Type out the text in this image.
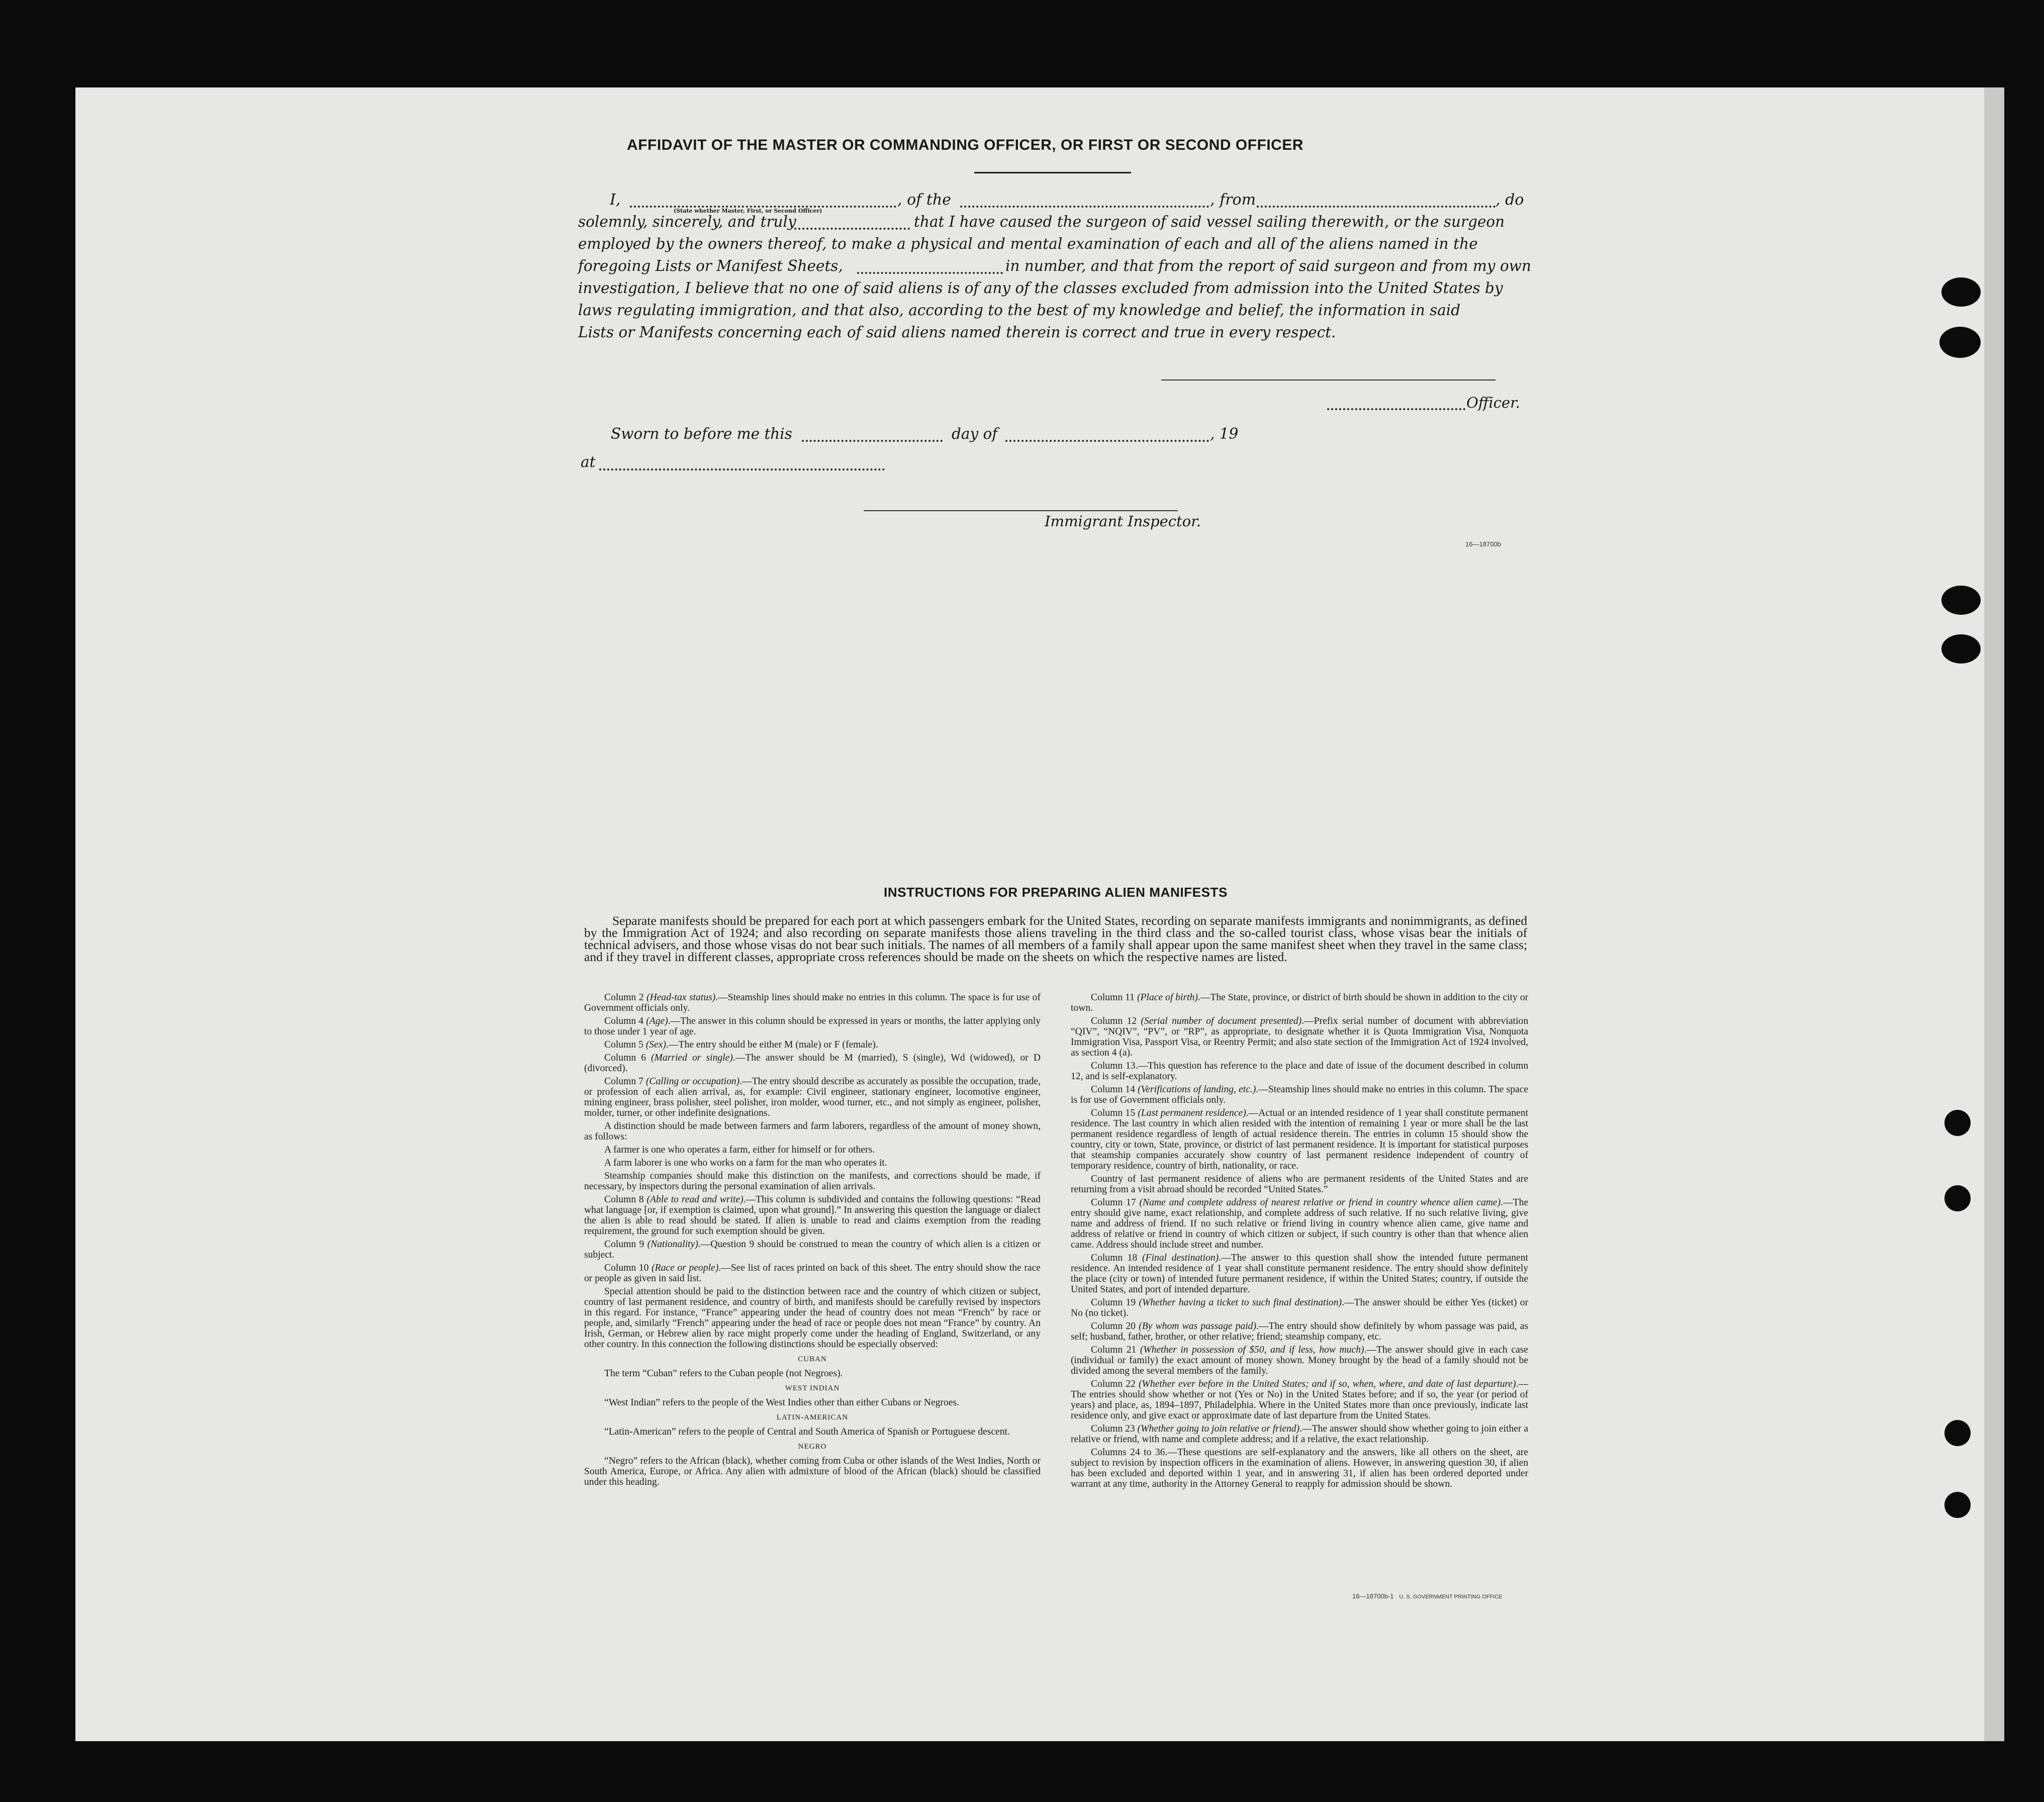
AFFIDAVIT OF THE MASTER OR COMMANDING OFFICER, OR FIRST OR SECOND OFFICER
I,	, of the	, from	, do
(State whether Master, First, or Second Officer)
solemnly, sincerely, and truly	that I have caused the surgeon of said vessel sailing therewith, or the surgeon
employed by the owners thereof, to make a physical and mental examination of each and all of the aliens named in the
foregoing Lists or Manifest Sheets,	in number, and that from the report of said surgeon and from my own
investigation, I believe that no one of said aliens is of any of the classes excluded from admission into the United States by
laws regulating immigration, and that also, according to the best of my knowledge and belief, the information in said
Lists or Manifests concerning each of said aliens named therein is correct and true in every respect.
Officer.
Sworn to before me this	day of	, 19
at
Immigrant Inspector.
16—18700b
INSTRUCTIONS FOR PREPARING ALIEN MANIFESTS
Separate manifests should be prepared for each port at which passengers embark for the United States, recording on separate manifests immigrants and nonimmigrants, as defined by the Immigration Act of 1924; and also recording on separate manifests those aliens traveling in the third class and the so-called tourist class, whose visas bear the initials of technical advisers, and those whose visas do not bear such initials. The names of all members of a family shall appear upon the same manifest sheet when they travel in the same class; and if they travel in different classes, appropriate cross references should be made on the sheets on which the respective names are listed.

Column 2 (Head-tax status).—Steamship lines should make no entries in this column. The space is for use of Government officials only.

Column 4 (Age).—The answer in this column should be expressed in years or months, the latter applying only to those under 1 year of age.

Column 5 (Sex).—The entry should be either M (male) or F (female).

Column 6 (Married or single).—The answer should be M (married), S (single), Wd (widowed), or D (divorced).

Column 7 (Calling or occupation).—The entry should describe as accurately as possible the occupation, trade, or profession of each alien arrival, as, for example: Civil engineer, stationary engineer, locomotive engineer, mining engineer, brass polisher, steel polisher, iron molder, wood turner, etc., and not simply as engineer, polisher, molder, turner, or other indefinite designations.

A distinction should be made between farmers and farm laborers, regardless of the amount of money shown, as follows:

A farmer is one who operates a farm, either for himself or for others.

A farm laborer is one who works on a farm for the man who operates it.

Steamship companies should make this distinction on the manifests, and corrections should be made, if necessary, by inspectors during the personal examination of alien arrivals.

Column 8 (Able to read and write).—This column is subdivided and contains the following questions: “Read what language [or, if exemption is claimed, upon what ground].” In answering this question the language or dialect the alien is able to read should be stated. If alien is unable to read and claims exemption from the reading requirement, the ground for such exemption should be given.

Column 9 (Nationality).—Question 9 should be construed to mean the country of which alien is a citizen or subject.

Column 10 (Race or people).—See list of races printed on back of this sheet. The entry should show the race or people as given in said list.

Special attention should be paid to the distinction between race and the country of which citizen or subject, country of last permanent residence, and country of birth, and manifests should be carefully revised by inspectors in this regard. For instance, “France” appearing under the head of country does not mean “French” by race or people, and, similarly “French” appearing under the head of race or people does not mean “France” by country. An Irish, German, or Hebrew alien by race might properly come under the heading of England, Switzerland, or any other country. In this connection the following distinctions should be especially observed:

CUBAN

The term “Cuban” refers to the Cuban people (not Negroes).

WEST INDIAN

“West Indian” refers to the people of the West Indies other than either Cubans or Negroes.

LATIN-AMERICAN

“Latin-American” refers to the people of Central and South America of Spanish or Portuguese descent.

NEGRO

“Negro” refers to the African (black), whether coming from Cuba or other islands of the West Indies, North or South America, Europe, or Africa. Any alien with admixture of blood of the African (black) should be classified under this heading.

Column 11 (Place of birth).—The State, province, or district of birth should be shown in addition to the city or town.

Column 12 (Serial number of document presented).—Prefix serial number of document with abbreviation “QIV”, “NQIV”, “PV”, or “RP”, as appropriate, to designate whether it is Quota Immigration Visa, Nonquota Immigration Visa, Passport Visa, or Reentry Permit; and also state section of the Immigration Act of 1924 involved, as section 4 (a).

Column 13.—This question has reference to the place and date of issue of the document described in column 12, and is self-explanatory.

Column 14 (Verifications of landing, etc.).—Steamship lines should make no entries in this column. The space is for use of Government officials only.

Column 15 (Last permanent residence).—Actual or an intended residence of 1 year shall constitute permanent residence. The last country in which alien resided with the intention of remaining 1 year or more shall be the last permanent residence regardless of length of actual residence therein. The entries in column 15 should show the country, city or town, State, province, or district of last permanent residence. It is important for statistical purposes that steamship companies accurately show country of last permanent residence independent of country of temporary residence, country of birth, nationality, or race.

Country of last permanent residence of aliens who are permanent residents of the United States and are returning from a visit abroad should be recorded “United States.”

Column 17 (Name and complete address of nearest relative or friend in country whence alien came).—The entry should give name, exact relationship, and complete address of such relative. If no such relative living, give name and address of friend. If no such relative or friend living in country whence alien came, give name and address of relative or friend in country of which citizen or subject, if such country is other than that whence alien came. Address should include street and number.

Column 18 (Final destination).—The answer to this question shall show the intended future permanent residence. An intended residence of 1 year shall constitute permanent residence. The entry should show definitely the place (city or town) of intended future permanent residence, if within the United States; country, if outside the United States, and port of intended departure.

Column 19 (Whether having a ticket to such final destination).—The answer should be either Yes (ticket) or No (no ticket).

Column 20 (By whom was passage paid).—The entry should show definitely by whom passage was paid, as self; husband, father, brother, or other relative; friend; steamship company, etc.

Column 21 (Whether in possession of $50, and if less, how much).—The answer should give in each case (individual or family) the exact amount of money shown. Money brought by the head of a family should not be divided among the several members of the family.

Column 22 (Whether ever before in the United States; and if so, when, where, and date of last departure).—The entries should show whether or not (Yes or No) in the United States before; and if so, the year (or period of years) and place, as, 1894–1897, Philadelphia. Where in the United States more than once previously, indicate last residence only, and give exact or approximate date of last departure from the United States.

Column 23 (Whether going to join relative or friend).—The answer should show whether going to join either a relative or friend, with name and complete address; and if a relative, the exact relationship.

Columns 24 to 36.—These questions are self-explanatory and the answers, like all others on the sheet, are subject to revision by inspection officers in the examination of aliens. However, in answering question 30, if alien has been excluded and deported within 1 year, and in answering 31, if alien has been ordered deported under warrant at any time, authority in the Attorney General to reapply for admission should be shown.

16—18700b-1 U. S. GOVERNMENT PRINTING OFFICE
